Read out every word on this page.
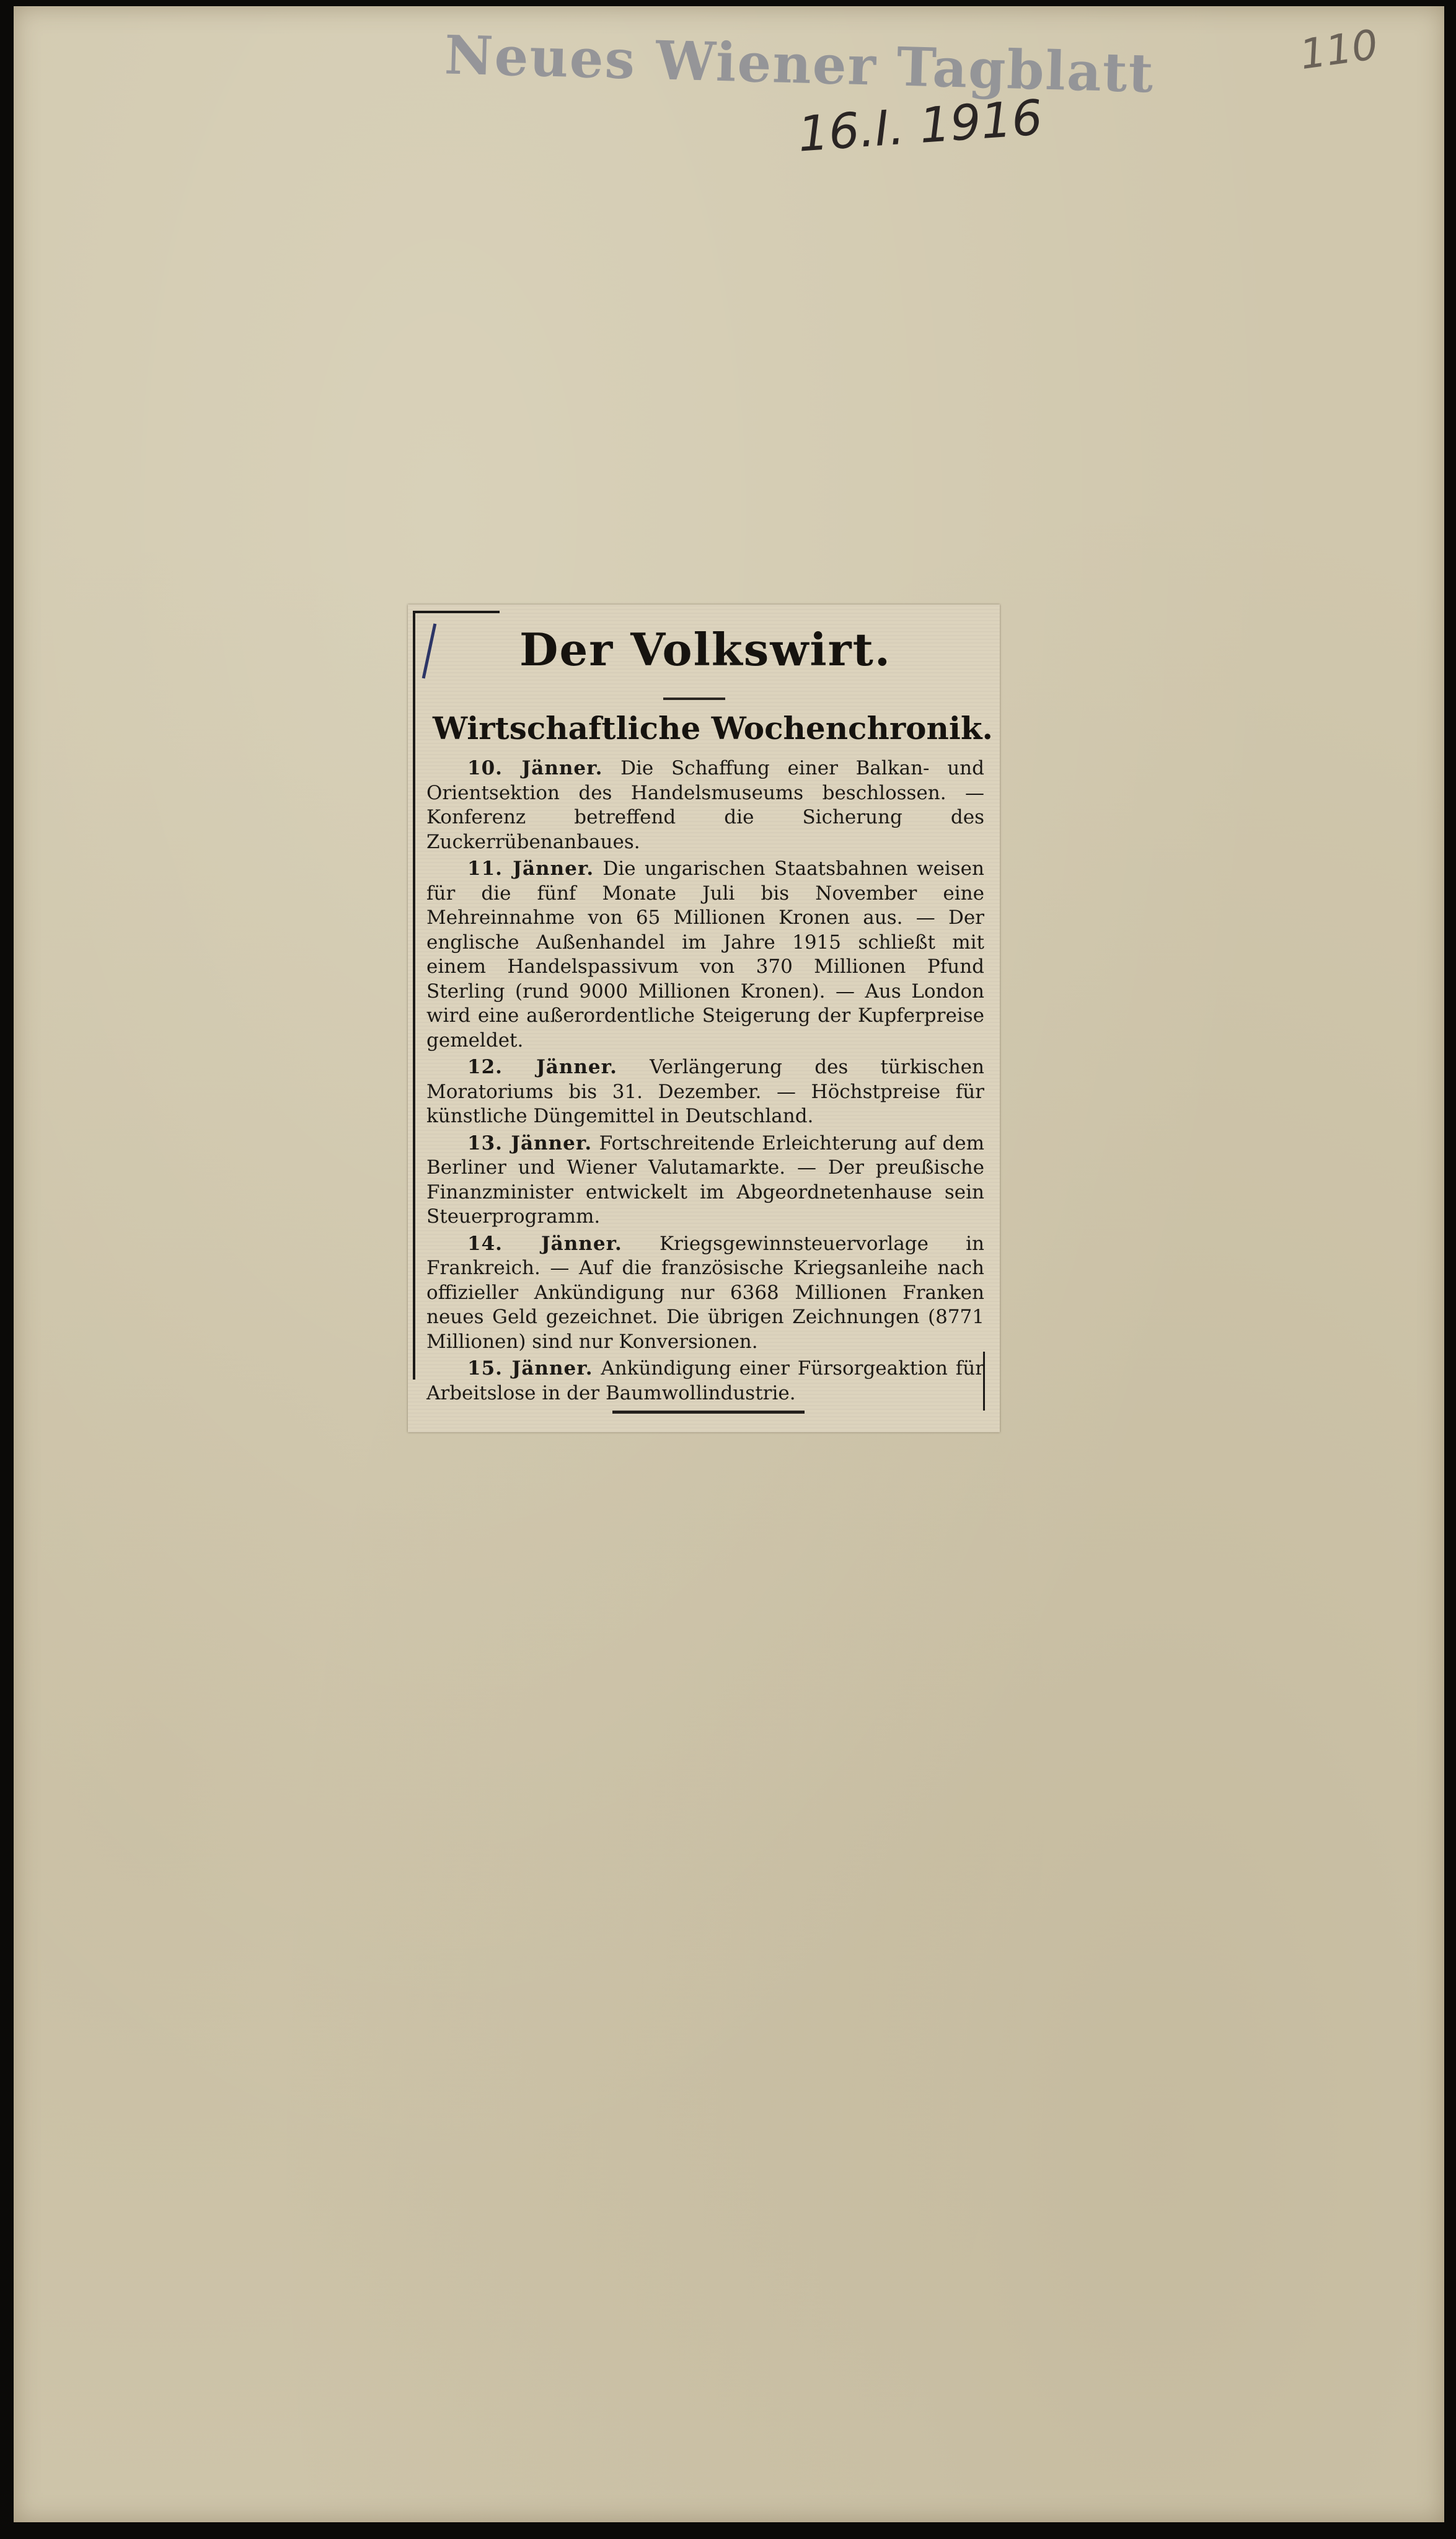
Neues Wiener Tagblatt
16.I. 1916
110
Der Volkswirt.
Wirtschaftliche Wochenchronik.

10. Jänner. Die Schaffung einer Balkan- und Orientsektion des Handelsmuseums beschlossen. — Konferenz betreffend die Sicherung des Zuckerrübenanbaues.

11. Jänner. Die ungarischen Staatsbahnen weisen für die fünf Monate Juli bis November eine Mehreinnahme von 65 Millionen Kronen aus. — Der englische Außenhandel im Jahre 1915 schließt mit einem Handelspassivum von 370 Millionen Pfund Sterling (rund 9000 Millionen Kronen). — Aus London wird eine außerordentliche Steigerung der Kupferpreise gemeldet.

12. Jänner. Verlängerung des türkischen Moratoriums bis 31. Dezember. — Höchstpreise für künstliche Düngemittel in Deutschland.

13. Jänner. Fortschreitende Erleichterung auf dem Berliner und Wiener Valutamarkte. — Der preußische Finanzminister entwickelt im Abgeordnetenhause sein Steuerprogramm.

14. Jänner. Kriegsgewinnsteuervorlage in Frankreich. — Auf die französische Kriegsanleihe nach offizieller Ankündigung nur 6368 Millionen Franken neues Geld gezeichnet. Die übrigen Zeichnungen (8771 Millionen) sind nur Konversionen.

15. Jänner. Ankündigung einer Fürsorgeaktion für Arbeitslose in der Baumwollindustrie.
